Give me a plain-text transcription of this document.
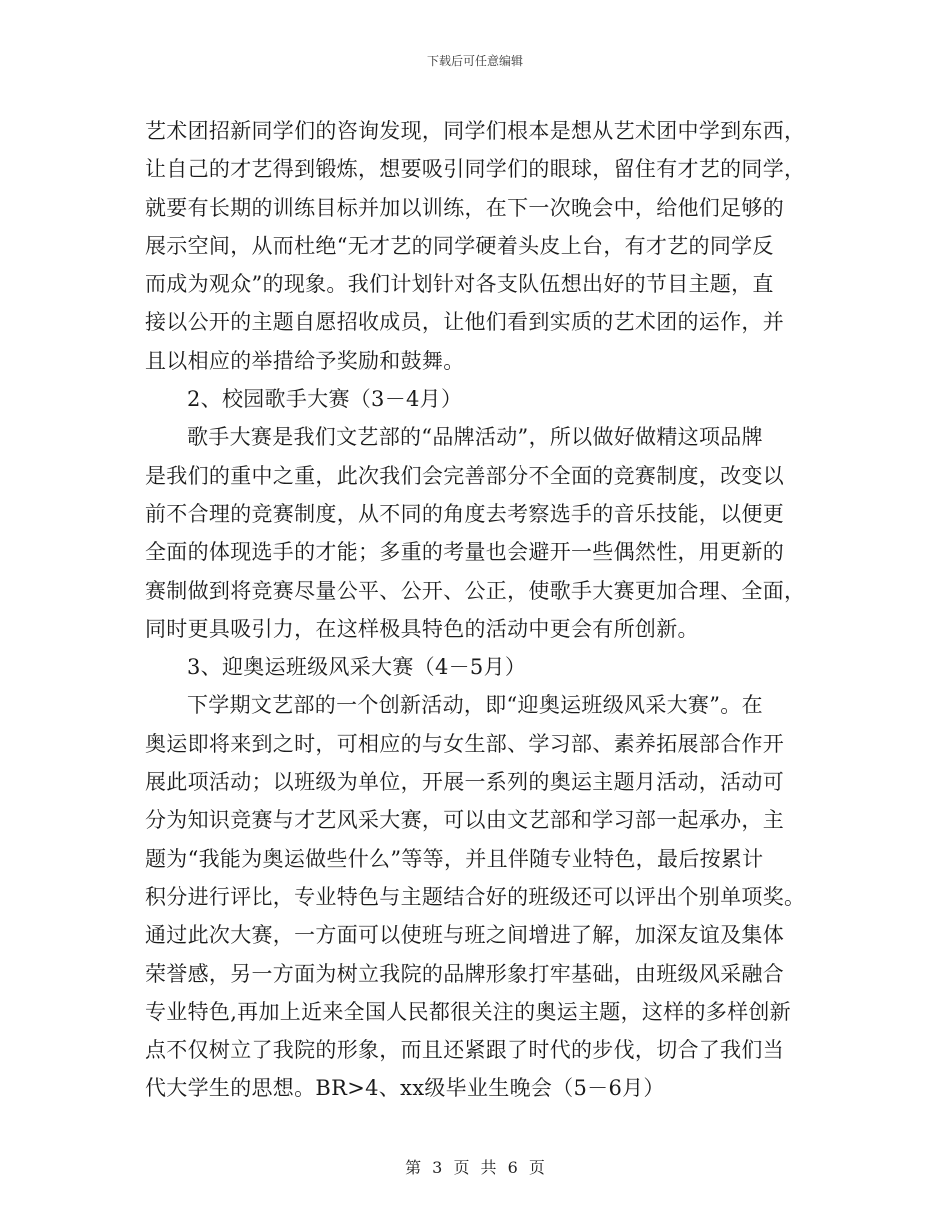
下载后可任意编辑
艺术团招新同学们的咨询发现，同学们根本是想从艺术团中学到东西，
让自己的才艺得到锻炼，想要吸引同学们的眼球，留住有才艺的同学，
就要有长期的训练目标并加以训练，在下一次晚会中，给他们足够的
展示空间，从而杜绝“无才艺的同学硬着头皮上台，有才艺的同学反
而成为观众”的现象。我们计划针对各支队伍想出好的节目主题，直
接以公开的主题自愿招收成员，让他们看到实质的艺术团的运作，并
且以相应的举措给予奖励和鼓舞。
2、校园歌手大赛（3－4月）
歌手大赛是我们文艺部的“品牌活动”，所以做好做精这项品牌
是我们的重中之重，此次我们会完善部分不全面的竞赛制度，改变以
前不合理的竞赛制度，从不同的角度去考察选手的音乐技能，以便更
全面的体现选手的才能；多重的考量也会避开一些偶然性，用更新的
赛制做到将竞赛尽量公平、公开、公正，使歌手大赛更加合理、全面，
同时更具吸引力，在这样极具特色的活动中更会有所创新。
3、迎奥运班级风采大赛（4－5月）
下学期文艺部的一个创新活动，即“迎奥运班级风采大赛”。在
奥运即将来到之时，可相应的与女生部、学习部、素养拓展部合作开
展此项活动；以班级为单位，开展一系列的奥运主题月活动，活动可
分为知识竞赛与才艺风采大赛，可以由文艺部和学习部一起承办，主
题为“我能为奥运做些什么”等等，并且伴随专业特色，最后按累计
积分进行评比，专业特色与主题结合好的班级还可以评出个别单项奖。
通过此次大赛，一方面可以使班与班之间增进了解，加深友谊及集体
荣誉感，另一方面为树立我院的品牌形象打牢基础，由班级风采融合
专业特色,再加上近来全国人民都很关注的奥运主题，这样的多样创新
点不仅树立了我院的形象，而且还紧跟了时代的步伐，切合了我们当
代大学生的思想。BR>4、xx级毕业生晚会（5－6月）
第 3 页 共 6 页
